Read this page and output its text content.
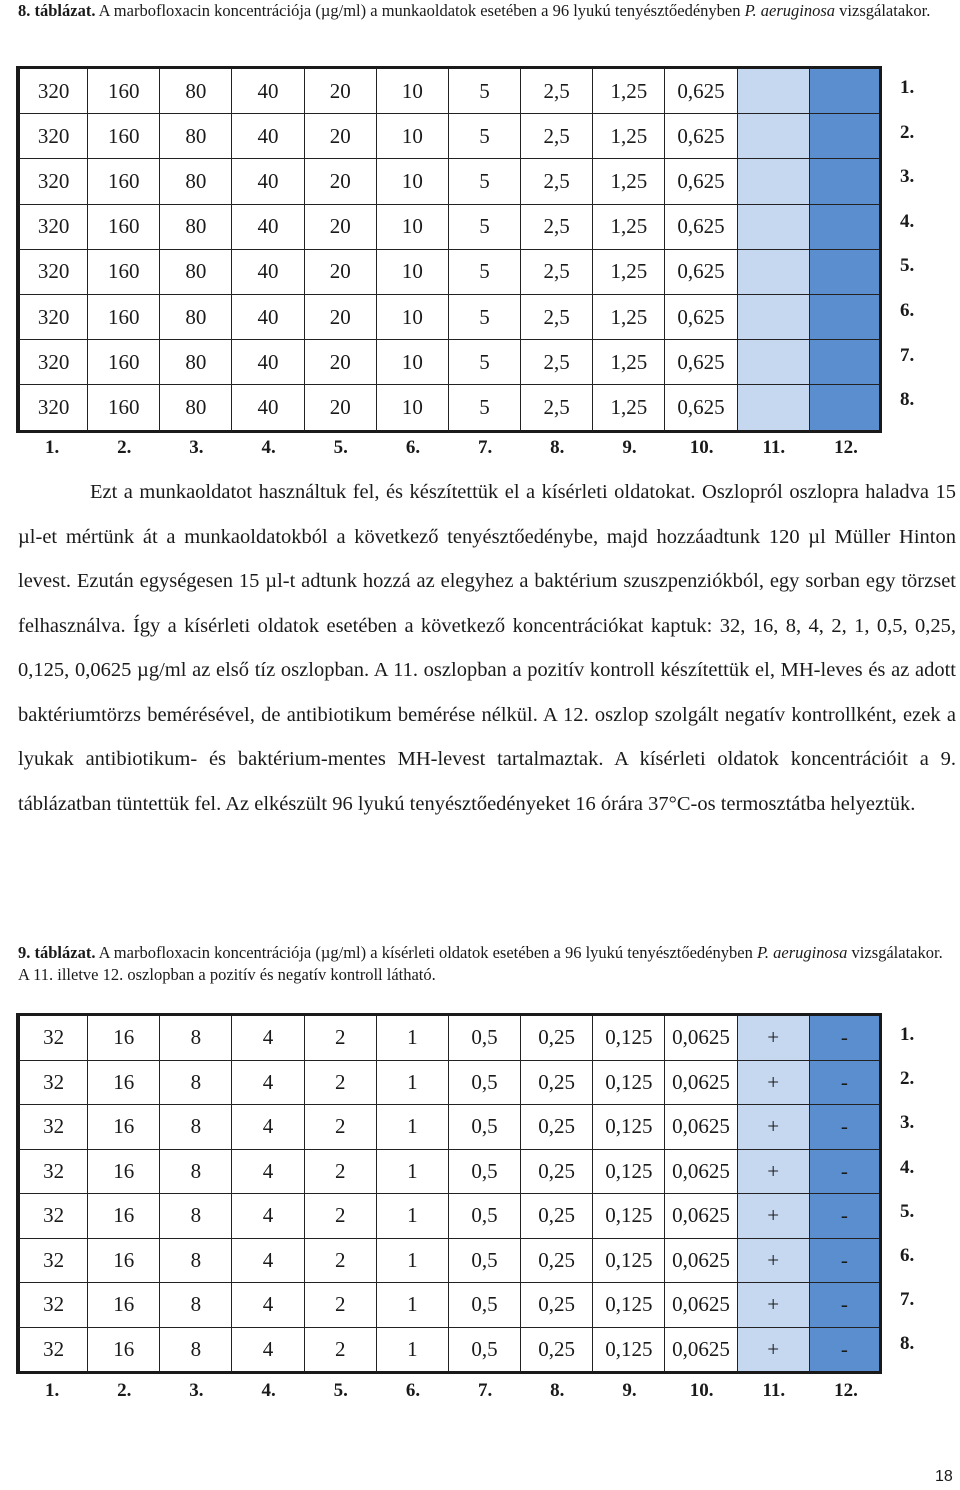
8. táblázat. A marbofloxacin koncentrációja (µg/ml) a munkaoldatok esetében a 96 lyukú tenyésztőedényben P. aeruginosa vizsgálatakor.
320	160	80	40	20	10	5	2,5	1,25	0,625		
320	160	80	40	20	10	5	2,5	1,25	0,625		
320	160	80	40	20	10	5	2,5	1,25	0,625		
320	160	80	40	20	10	5	2,5	1,25	0,625		
320	160	80	40	20	10	5	2,5	1,25	0,625		
320	160	80	40	20	10	5	2,5	1,25	0,625		
320	160	80	40	20	10	5	2,5	1,25	0,625		
320	160	80	40	20	10	5	2,5	1,25	0,625		
1.
2.
3.
4.
5.
6.
7.
8.
1.	2.	3.	4.	5.	6.	7.	8.	9.	10.	11.	12.

Ezt a munkaoldatot használtuk fel, és készítettük el a kísérleti oldatokat. Oszlopról oszlopra haladva 15 µl-et mértünk át a munkaoldatokból a következő tenyésztőedénybe, majd hozzáadtunk 120 µl Müller Hinton levest. Ezután egységesen 15 µl-t adtunk hozzá az elegyhez a baktérium szuszpenziókból, egy sorban egy törzset felhasználva. Így a kísérleti oldatok esetében a következő koncentrációkat kaptuk: 32, 16, 8, 4, 2, 1, 0,5, 0,25, 0,125, 0,0625 µg/ml az első tíz oszlopban. A 11. oszlopban a pozitív kontroll készítettük el, MH-leves és az adott baktériumtörzs bemérésével, de antibiotikum bemérése nélkül. A 12. oszlop szolgált negatív kontrollként, ezek a lyukak antibiotikum- és baktérium-mentes MH-levest tartalmaztak. A kísérleti oldatok koncentrációit a 9. táblázatban tüntettük fel. Az elkészült 96 lyukú tenyésztőedényeket 16 órára 37°C-os termosztátba helyeztük.

9. táblázat. A marbofloxacin koncentrációja (µg/ml) a kísérleti oldatok esetében a 96 lyukú tenyésztőedényben P. aeruginosa vizsgálatakor. A 11. illetve 12. oszlopban a pozitív és negatív kontroll látható.
32	16	8	4	2	1	0,5	0,25	0,125	0,0625	+	-
32	16	8	4	2	1	0,5	0,25	0,125	0,0625	+	-
32	16	8	4	2	1	0,5	0,25	0,125	0,0625	+	-
32	16	8	4	2	1	0,5	0,25	0,125	0,0625	+	-
32	16	8	4	2	1	0,5	0,25	0,125	0,0625	+	-
32	16	8	4	2	1	0,5	0,25	0,125	0,0625	+	-
32	16	8	4	2	1	0,5	0,25	0,125	0,0625	+	-
32	16	8	4	2	1	0,5	0,25	0,125	0,0625	+	-
1.
2.
3.
4.
5.
6.
7.
8.
1.	2.	3.	4.	5.	6.	7.	8.	9.	10.	11.	12.
18
